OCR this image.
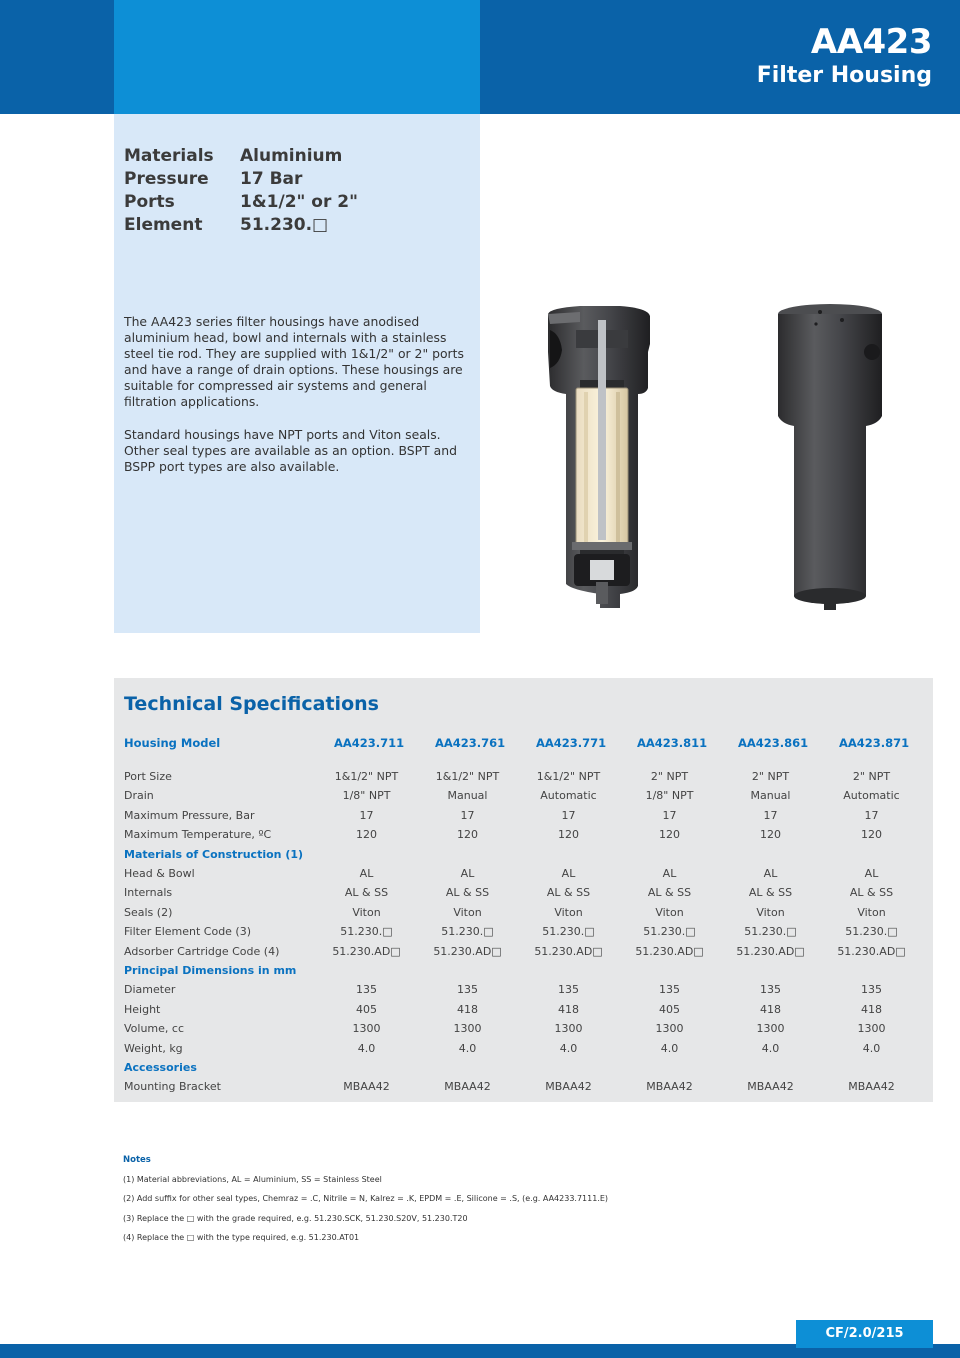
AA423
Filter Housing
Materials	Aluminium
Pressure	17 Bar
Ports	1&1/2" or 2"
Element	51.230.□
The AA423 series filter housings have anodised aluminium head, bowl and internals with a stainless steel tie rod. They are supplied with 1&1/2" or 2" ports and have a range of drain options. These housings are suitable for compressed air systems and general filtration applications.
Standard housings have NPT ports and Viton seals. Other seal types are available as an option. BSPT and BSPP port types are also available.
Technical Specifications
Housing Model	AA423.711	AA423.761	AA423.771	AA423.811	AA423.861	AA423.871
Port Size	1&1/2" NPT	1&1/2" NPT	1&1/2" NPT	2" NPT	2" NPT	2" NPT
Drain	1/8" NPT	Manual	Automatic	1/8" NPT	Manual	Automatic
Maximum Pressure, Bar	17	17	17	17	17	17
Maximum Temperature, ºC	120	120	120	120	120	120
Materials of Construction (1)
Head & Bowl	AL	AL	AL	AL	AL	AL
Internals	AL & SS	AL & SS	AL & SS	AL & SS	AL & SS	AL & SS
Seals (2)	Viton	Viton	Viton	Viton	Viton	Viton
Filter Element Code (3)	51.230.□	51.230.□	51.230.□	51.230.□	51.230.□	51.230.□
Adsorber Cartridge Code (4)	51.230.AD□	51.230.AD□	51.230.AD□	51.230.AD□	51.230.AD□	51.230.AD□
Principal Dimensions in mm
Diameter	135	135	135	135	135	135
Height	405	418	418	405	418	418
Volume, cc	1300	1300	1300	1300	1300	1300
Weight, kg	4.0	4.0	4.0	4.0	4.0	4.0
Accessories
Mounting Bracket	MBAA42	MBAA42	MBAA42	MBAA42	MBAA42	MBAA42
Notes
(1) Material abbreviations, AL = Aluminium, SS = Stainless Steel
(2) Add suffix for other seal types, Chemraz = .C, Nitrile = N, Kalrez = .K, EPDM = .E, Silicone = .S, (e.g. AA4233.7111.E)
(3) Replace the □ with the grade required, e.g. 51.230.SCK, 51.230.S20V, 51.230.T20
(4) Replace the □ with the type required, e.g. 51.230.AT01
CF/2.0/215
